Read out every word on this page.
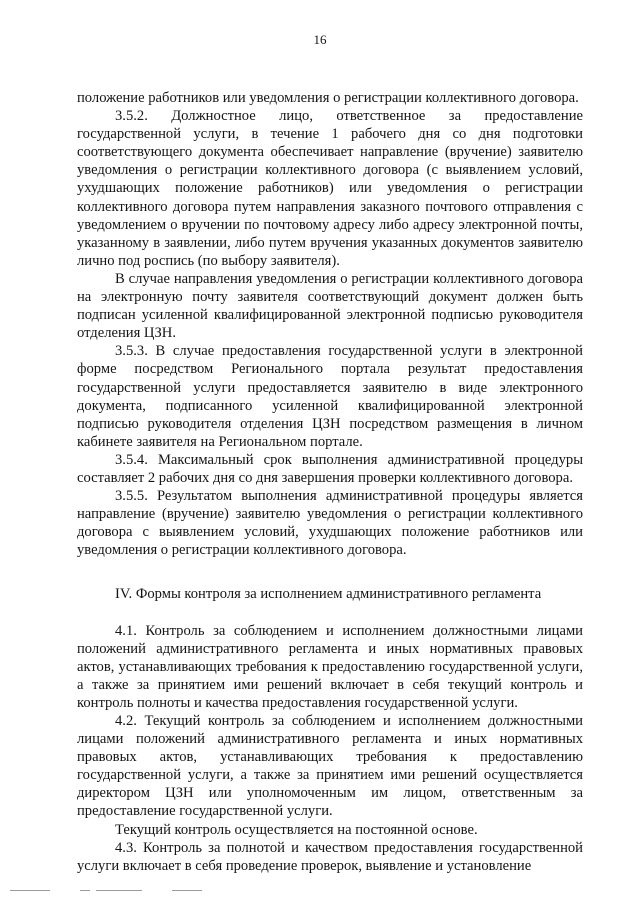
16

положение работников или уведомления о регистрации коллективного договора.

3.5.2. Должностное лицо, ответственное за предоставление государственной услуги, в течение 1 рабочего дня со дня подготовки соответствующего документа обеспечивает направление (вручение) заявителю уведомления о регистрации коллективного договора (с выявлением условий, ухудшающих положение работников) или уведомления о регистрации коллективного договора путем направления заказного почтового отправления с уведомлением о вручении по почтовому адресу либо адресу электронной почты, указанному в заявлении, либо путем вручения указанных документов заявителю лично под роспись (по выбору заявителя).

В случае направления уведомления о регистрации коллективного договора на электронную почту заявителя соответствующий документ должен быть подписан усиленной квалифицированной электронной подписью руководителя отделения ЦЗН.

3.5.3. В случае предоставления государственной услуги в электронной форме посредством Регионального портала результат предоставления государственной услуги предоставляется заявителю в виде электронного документа, подписанного усиленной квалифицированной электронной подписью руководителя отделения ЦЗН посредством размещения в личном кабинете заявителя на Региональном портале.

3.5.4. Максимальный срок выполнения административной процедуры составляет 2 рабочих дня со дня завершения проверки коллективного договора.

3.5.5. Результатом выполнения административной процедуры является направление (вручение) заявителю уведомления о регистрации коллективного договора с выявлением условий, ухудшающих положение работников или уведомления о регистрации коллективного договора.

IV. Формы контроля за исполнением административного регламента

4.1. Контроль за соблюдением и исполнением должностными лицами положений административного регламента и иных нормативных правовых актов, устанавливающих требования к предоставлению государственной услуги, а также за принятием ими решений включает в себя текущий контроль и контроль полноты и качества предоставления государственной услуги.

4.2. Текущий контроль за соблюдением и исполнением должностными лицами положений административного регламента и иных нормативных правовых актов, устанавливающих требования к предоставлению государственной услуги, а также за принятием ими решений осуществляется директором ЦЗН или уполномоченным им лицом, ответственным за предоставление государственной услуги.

Текущий контроль осуществляется на постоянной основе.

4.3. Контроль за полнотой и качеством предоставления государственной услуги включает в себя проведение проверок, выявление и установление
